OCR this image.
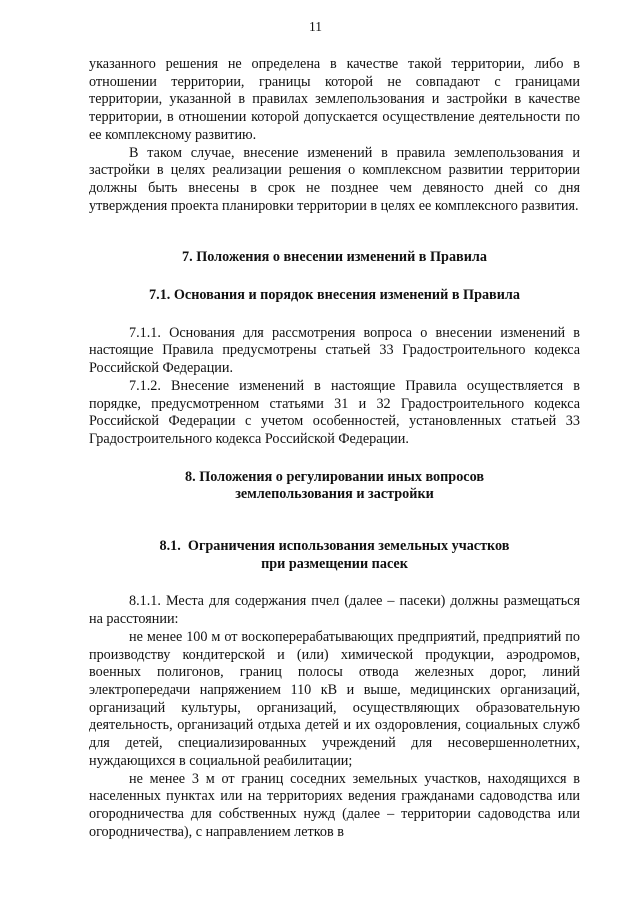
11

указанного решения не определена в качестве такой территории, либо в отношении территории, границы которой не совпадают с границами территории, указанной в правилах землепользования и застройки в качестве территории, в отношении которой допускается осуществление деятельности по ее комплексному развитию.

В таком случае, внесение изменений в правила землепользования и застройки в целях реализации решения о комплексном развитии территории должны быть внесены в срок не позднее чем девяносто дней со дня утверждения проекта планировки территории в целях ее комплексного развития.

7. Положения о внесении изменений в Правила

7.1. Основания и порядок внесения изменений в Правила

7.1.1. Основания для рассмотрения вопроса о внесении изменений в настоящие Правила предусмотрены статьей 33 Градостроительного кодекса Российской Федерации.

7.1.2. Внесение изменений в настоящие Правила осуществляется в порядке, предусмотренном статьями 31 и 32 Градостроительного кодекса Российской Федерации с учетом особенностей, установленных статьей 33 Градостроительного кодекса Российской Федерации.

8. Положения о регулировании иных вопросов

землепользования и застройки

8.1.  Ограничения использования земельных участков

при размещении пасек

8.1.1. Места для содержания пчел (далее – пасеки) должны размещаться на расстоянии:

не менее 100 м от воскоперерабатывающих предприятий, предприятий по производству кондитерской и (или) химической продукции, аэродромов, военных полигонов, границ полосы отвода железных дорог, линий электропередачи напряжением 110 кВ и выше, медицинских организаций, организаций культуры, организаций, осуществляющих образовательную деятельность, организаций отдыха детей и их оздоровления, социальных служб для детей, специализированных учреждений для несовершеннолетних, нуждающихся в социальной реабилитации;

не менее 3 м от границ соседних земельных участков, находящихся в населенных пунктах или на территориях ведения гражданами садоводства или огородничества для собственных нужд (далее – территории садоводства или огородничества), с направлением летков в
